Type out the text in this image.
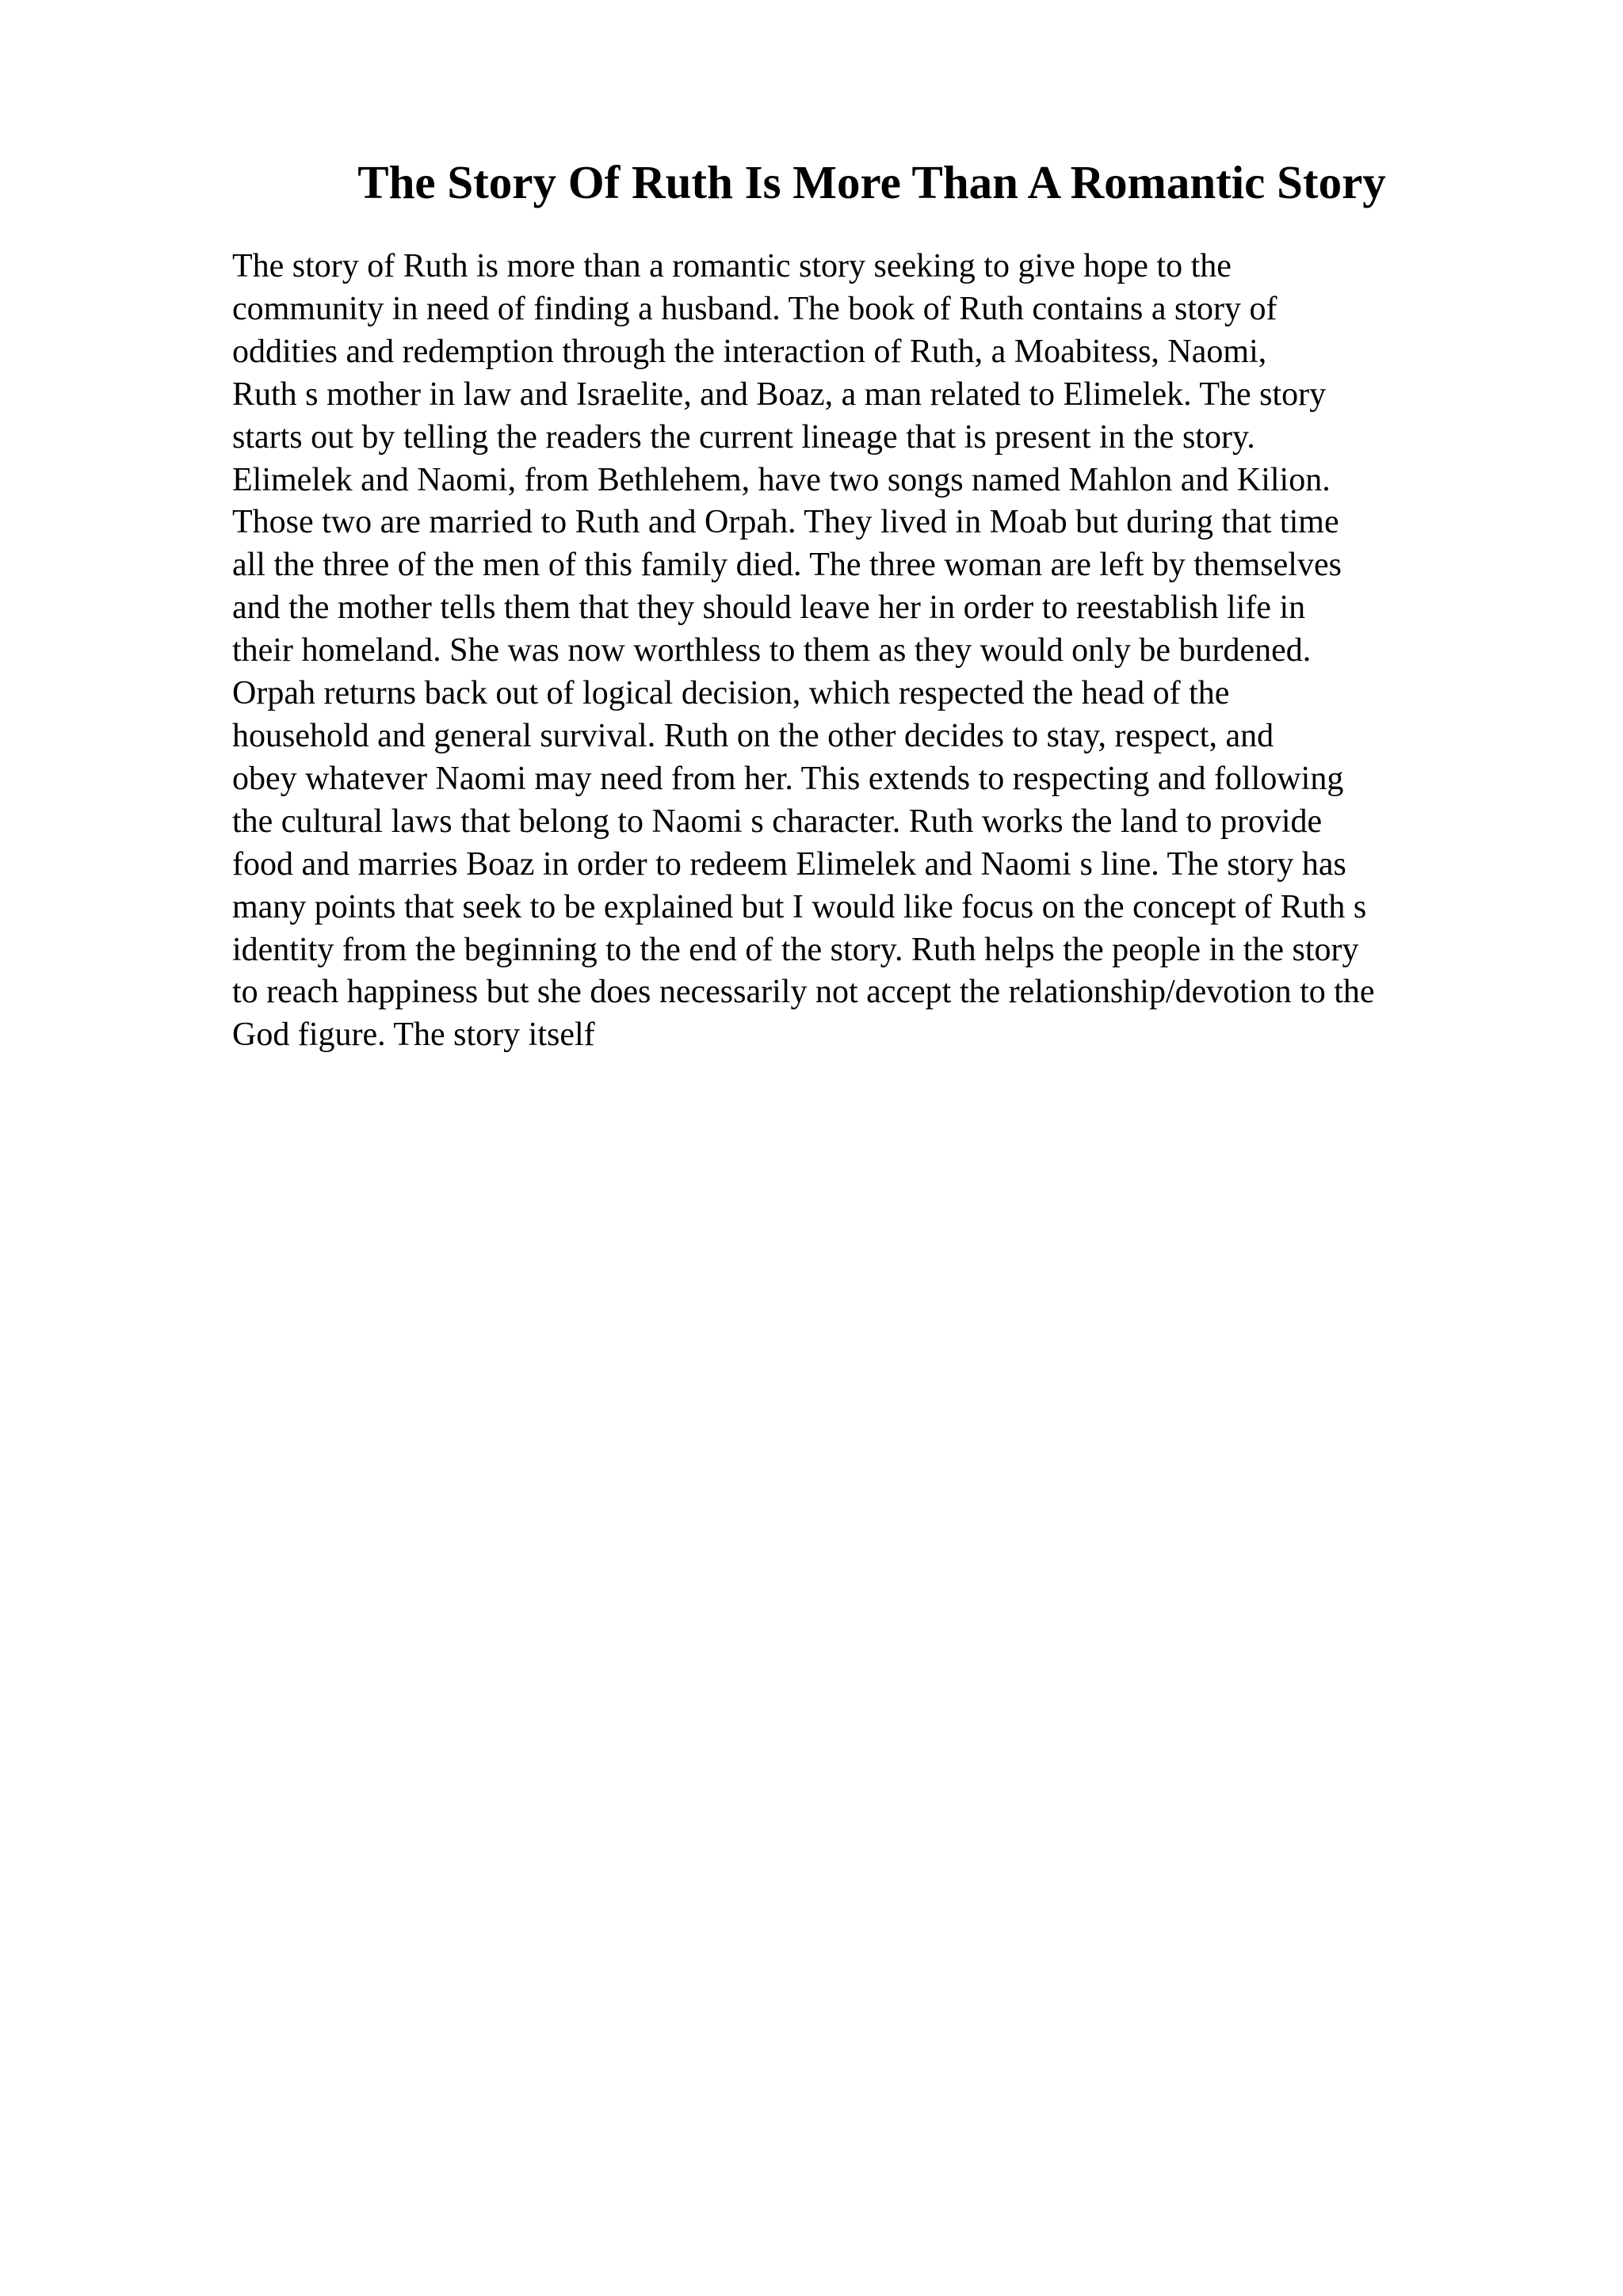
The Story Of Ruth Is More Than A Romantic Story
The story of Ruth is more than a romantic story seeking to give hope to the
community in need of finding a husband. The book of Ruth contains a story of
oddities and redemption through the interaction of Ruth, a Moabitess, Naomi,
Ruth s mother in law and Israelite, and Boaz, a man related to Elimelek. The story
starts out by telling the readers the current lineage that is present in the story.
Elimelek and Naomi, from Bethlehem, have two songs named Mahlon and Kilion.
Those two are married to Ruth and Orpah. They lived in Moab but during that time
all the three of the men of this family died. The three woman are left by themselves
and the mother tells them that they should leave her in order to reestablish life in
their homeland. She was now worthless to them as they would only be burdened.
Orpah returns back out of logical decision, which respected the head of the
household and general survival. Ruth on the other decides to stay, respect, and
obey whatever Naomi may need from her. This extends to respecting and following
the cultural laws that belong to Naomi s character. Ruth works the land to provide
food and marries Boaz in order to redeem Elimelek and Naomi s line. The story has
many points that seek to be explained but I would like focus on the concept of Ruth s
identity from the beginning to the end of the story. Ruth helps the people in the story
to reach happiness but she does necessarily not accept the relationship/devotion to the
God figure. The story itself
